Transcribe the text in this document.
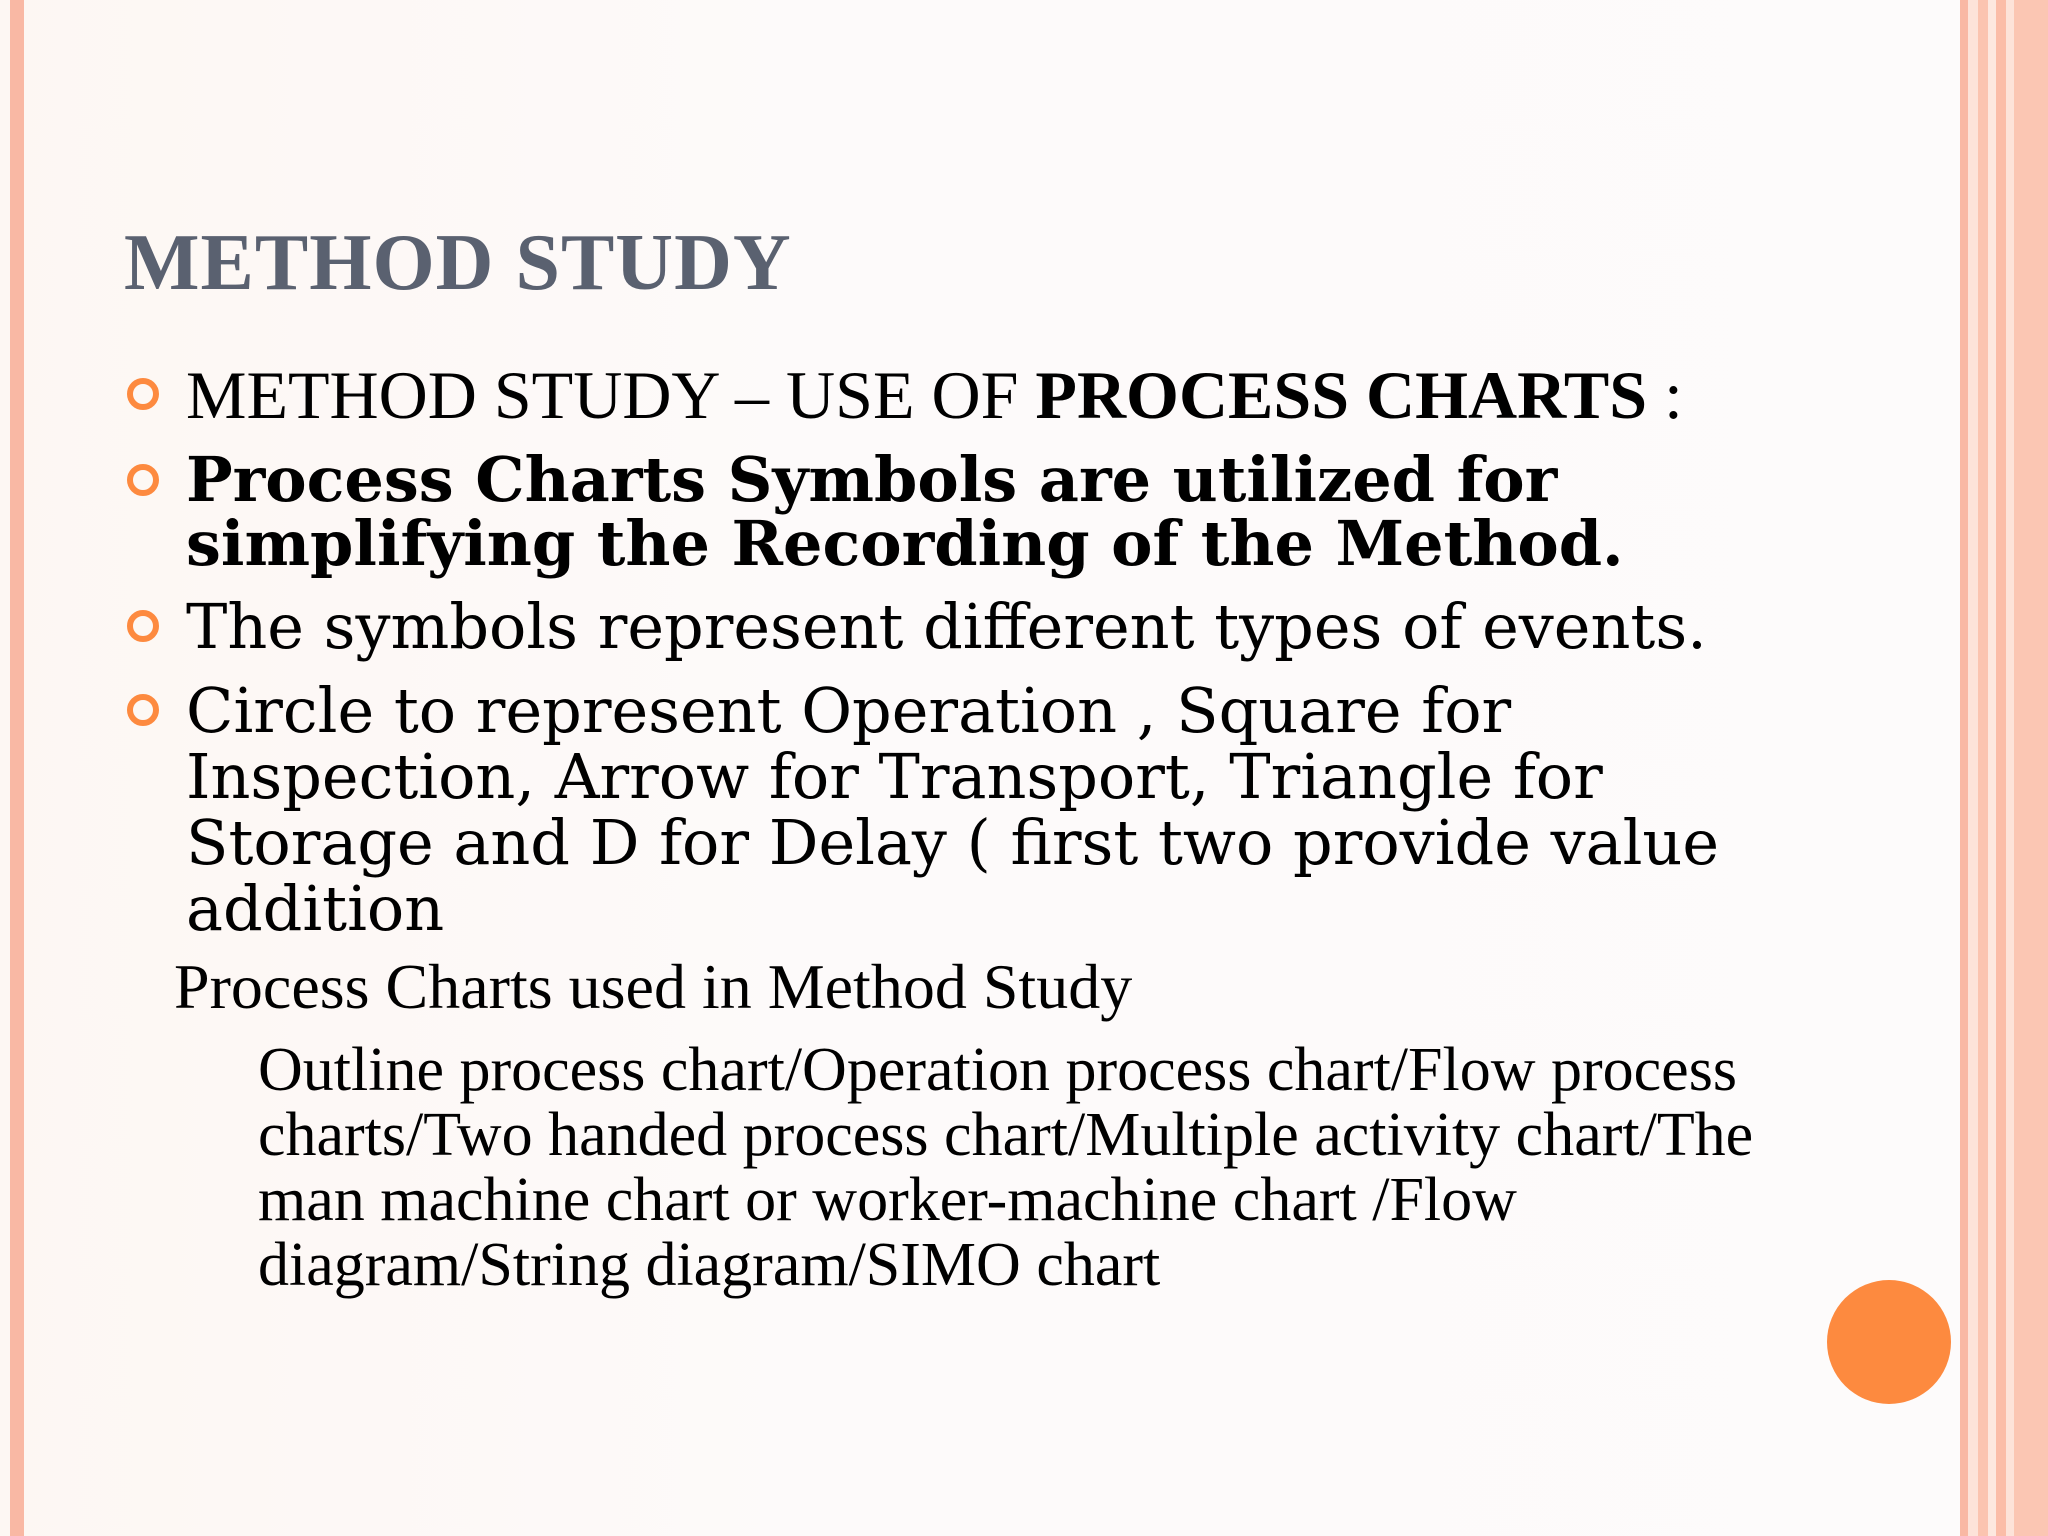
METHOD STUDY
METHOD STUDY – USE OF PROCESS CHARTS :
Process Charts Symbols are utilized for simplifying the Recording of the Method.
The symbols represent different types of events.
Circle to represent Operation , Square for Inspection, Arrow for Transport, Triangle for Storage and D for Delay ( first two provide value addition

Process Charts used in Method Study

Outline process chart/Operation process chart/Flow process charts/Two handed process chart/Multiple activity chart/The man machine chart or worker-machine chart /Flow diagram/String diagram/SIMO chart
